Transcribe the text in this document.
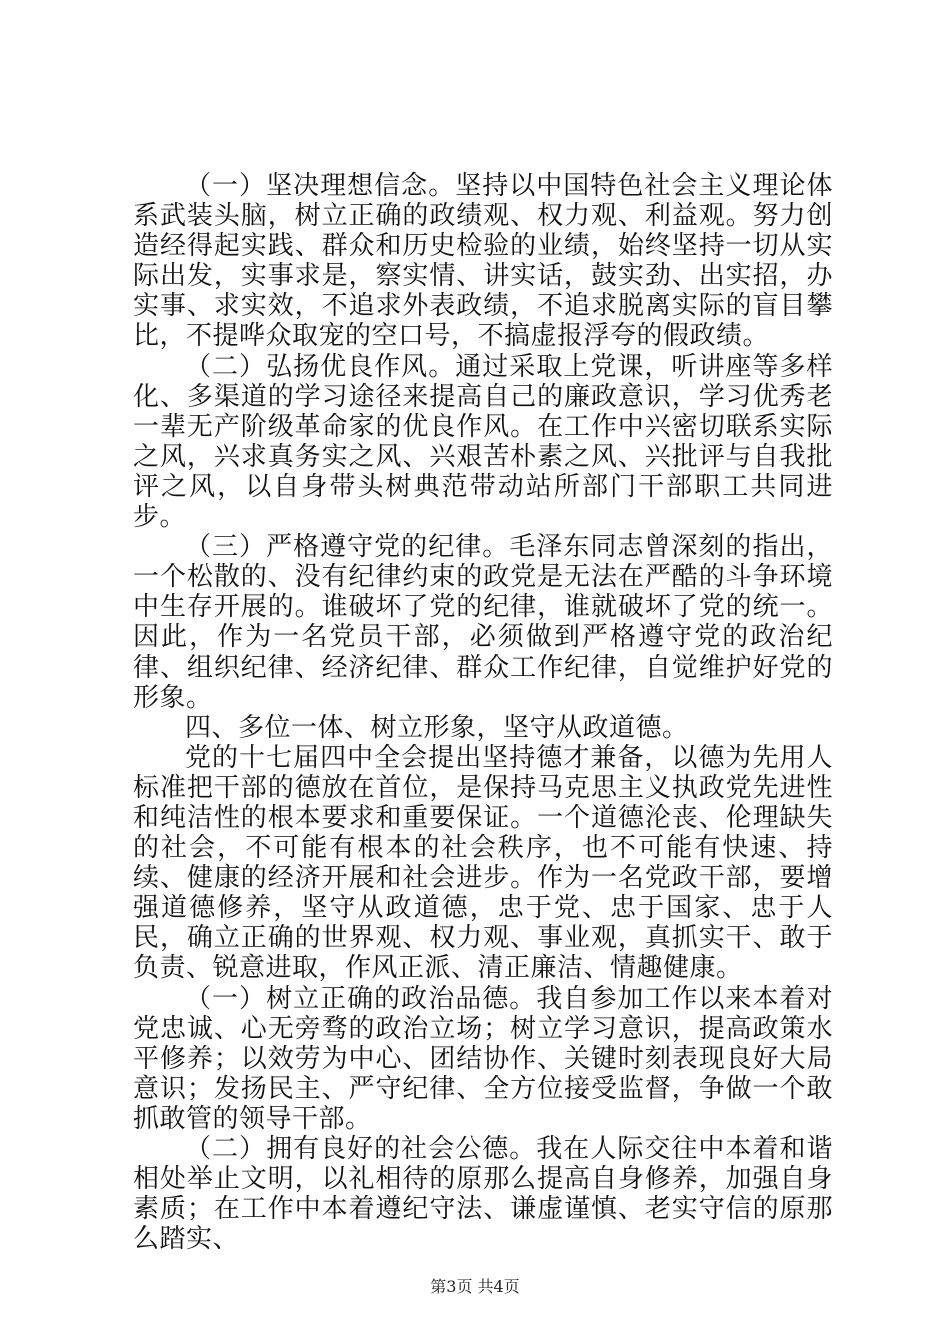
（一）坚决理想信念。坚持以中国特色社会主义理论体系武装头脑，树立正确的政绩观、权力观、利益观。努力创造经得起实践、群众和历史检验的业绩，始终坚持一切从实际出发，实事求是，察实情、讲实话，鼓实劲、出实招，办实事、求实效，不追求外表政绩，不追求脱离实际的盲目攀比，不提哗众取宠的空口号，不搞虚报浮夸的假政绩。

（二）弘扬优良作风。通过采取上党课，听讲座等多样化、多渠道的学习途径来提高自己的廉政意识，学习优秀老一辈无产阶级革命家的优良作风。在工作中兴密切联系实际之风，兴求真务实之风、兴艰苦朴素之风、兴批评与自我批评之风，以自身带头树典范带动站所部门干部职工共同进步。

（三）严格遵守党的纪律。毛泽东同志曾深刻的指出，一个松散的、没有纪律约束的政党是无法在严酷的斗争环境中生存开展的。谁破坏了党的纪律，谁就破坏了党的统一。因此，作为一名党员干部，必须做到严格遵守党的政治纪律、组织纪律、经济纪律、群众工作纪律，自觉维护好党的形象。

四、多位一体、树立形象，坚守从政道德。

党的十七届四中全会提出坚持德才兼备，以德为先用人标准把干部的德放在首位，是保持马克思主义执政党先进性和纯洁性的根本要求和重要保证。一个道德沦丧、伦理缺失的社会，不可能有根本的社会秩序，也不可能有快速、持续、健康的经济开展和社会进步。作为一名党政干部，要增强道德修养，坚守从政道德，忠于党、忠于国家、忠于人民，确立正确的世界观、权力观、事业观，真抓实干、敢于负责、锐意进取，作风正派、清正廉洁、情趣健康。

（一）树立正确的政治品德。我自参加工作以来本着对党忠诚、心无旁骛的政治立场；树立学习意识，提高政策水平修养；以效劳为中心、团结协作、关键时刻表现良好大局意识；发扬民主、严守纪律、全方位接受监督，争做一个敢抓敢管的领导干部。

（二）拥有良好的社会公德。我在人际交往中本着和谐相处举止文明，以礼相待的原那么提高自身修养，加强自身素质；在工作中本着遵纪守法、谦虚谨慎、老实守信的原那么踏实、

第3页 共4页
